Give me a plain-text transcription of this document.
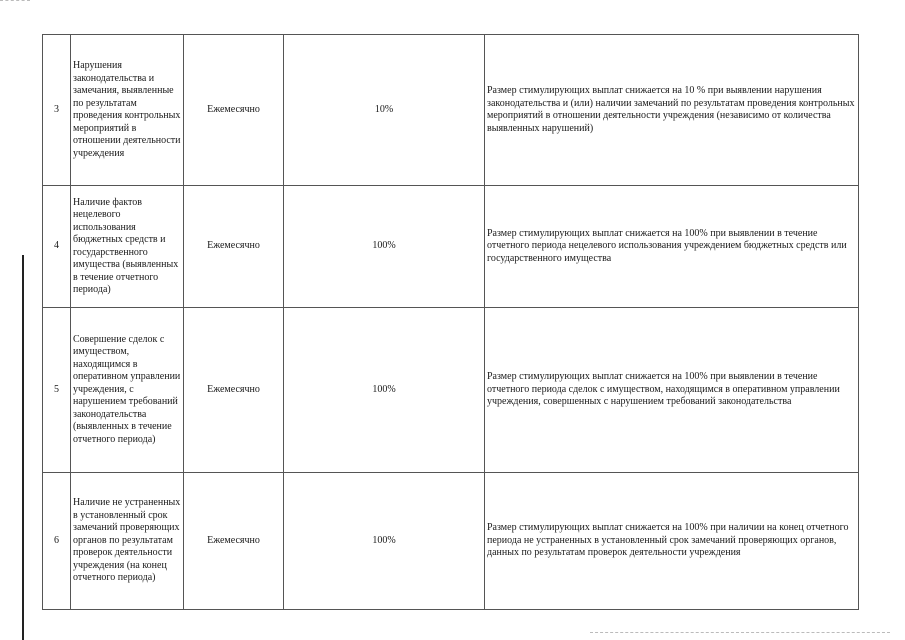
3	Нарушения законодательства и замечания, выявленные по результатам проведения контрольных мероприятий в отношении деятельности учреждения	Ежемесячно	10%	Размер стимулирующих выплат снижается на 10 % при выявлении нарушения законодательства и (или) наличии замечаний по результатам проведения контрольных мероприятий в отношении деятельности учреждения (независимо от количества выявленных нарушений)
4	Наличие фактов нецелевого использования бюджетных средств и государственного имущества (выявленных в течение отчетного периода)	Ежемесячно	100%	Размер стимулирующих выплат снижается на 100% при выявлении в течение отчетного периода нецелевого использования учреждением бюджетных средств или государственного имущества
5	Совершение сделок с имуществом, находящимся в оперативном управлении учреждения, с нарушением требований законодательства (выявленных в течение отчетного периода)	Ежемесячно	100%	Размер стимулирующих выплат снижается на 100% при выявлении в течение отчетного периода сделок с имуществом, находящимся в оперативном управлении учреждения, совершенных с нарушением требований законодательства
6	Наличие не устраненных в установленный срок замечаний проверяющих органов по результатам проверок деятельности учреждения (на конец отчетного периода)	Ежемесячно	100%	Размер стимулирующих выплат снижается на 100% при наличии на конец отчетного периода не устраненных в установленный срок замечаний проверяющих органов, данных по результатам проверок деятельности учреждения
